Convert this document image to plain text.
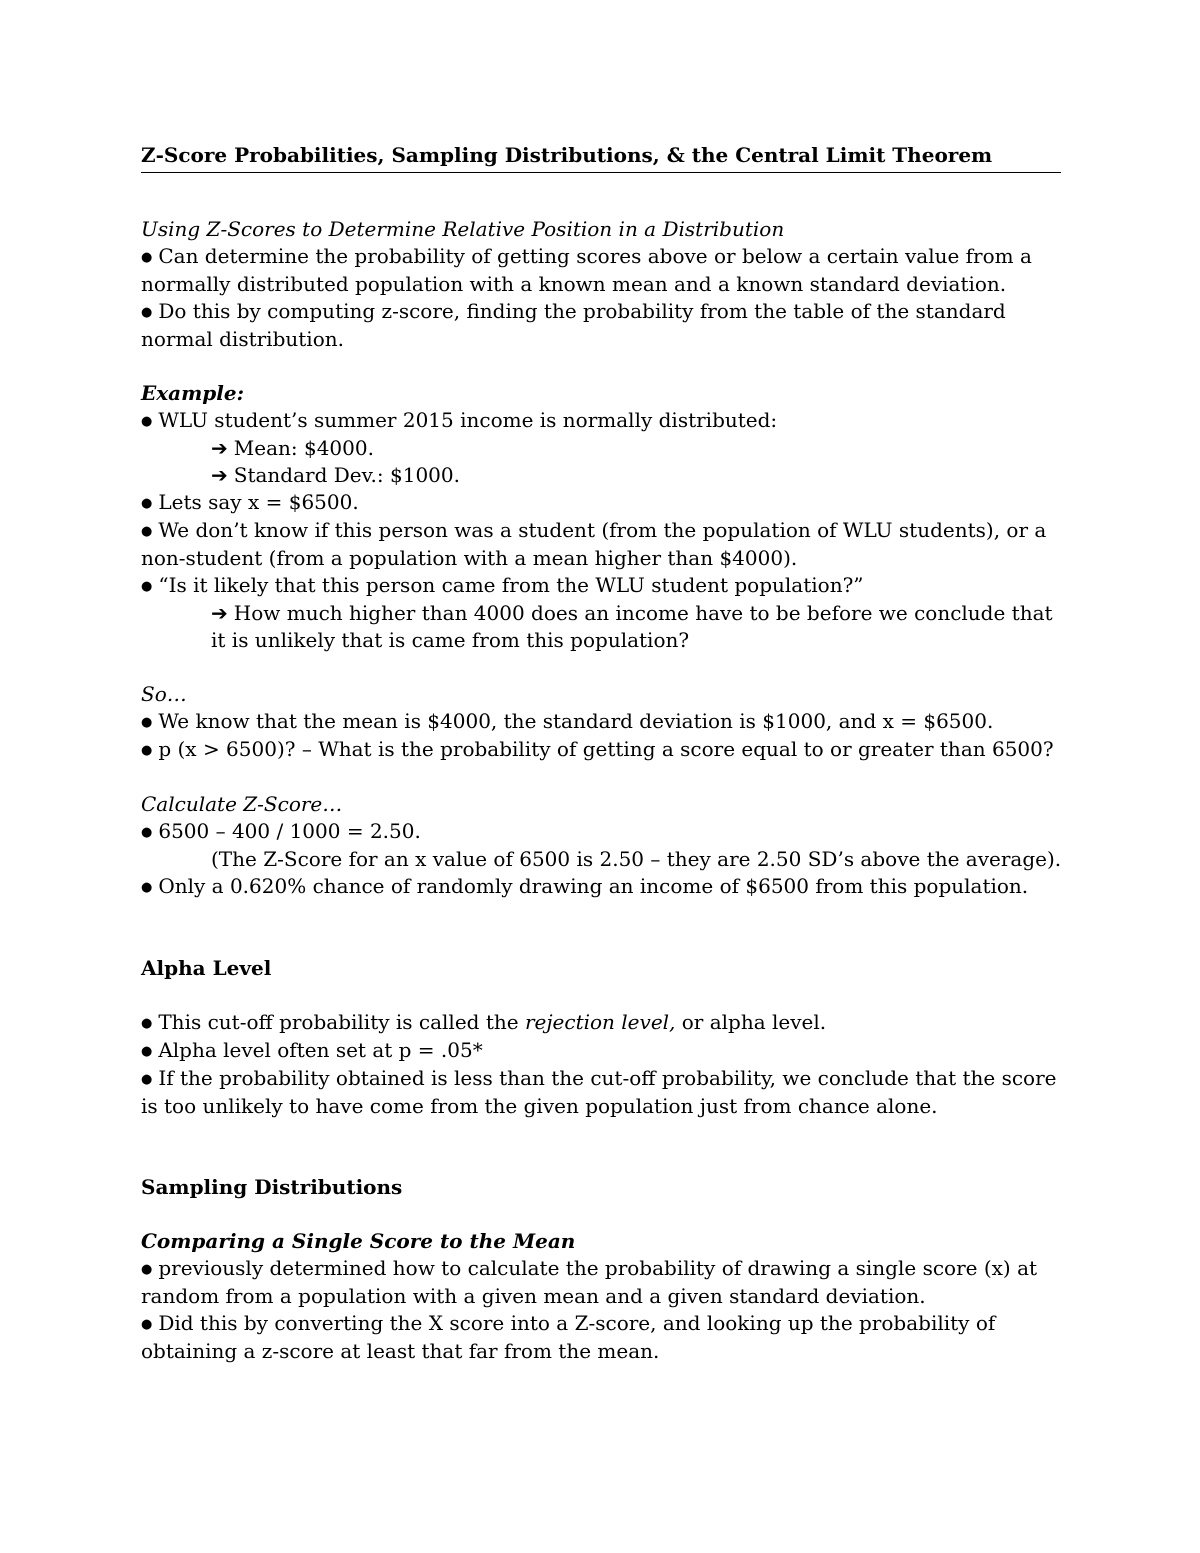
Z-Score Probabilities, Sampling Distributions, & the Central Limit Theorem

Using Z-Scores to Determine Relative Position in a Distribution

● Can determine the probability of getting scores above or below a certain value from a normally distributed population with a known mean and a known standard deviation.

● Do this by computing z-score, finding the probability from the table of the standard normal distribution.

Example:

● WLU student’s summer 2015 income is normally distributed:

➔ Mean: $4000.

➔ Standard Dev.: $1000.

● Lets say x = $6500.

● We don’t know if this person was a student (from the population of WLU students), or a non-student (from a population with a mean higher than $4000).

● “Is it likely that this person came from the WLU student population?”

➔ How much higher than 4000 does an income have to be before we conclude that it is unlikely that is came from this population?

So…

● We know that the mean is $4000, the standard deviation is $1000, and x = $6500.

● p (x > 6500)? – What is the probability of getting a score equal to or greater than 6500?

Calculate Z-Score…

● 6500 – 400 / 1000 = 2.50.

(The Z-Score for an x value of 6500 is 2.50 – they are 2.50 SD’s above the average).

● Only a 0.620% chance of randomly drawing an income of $6500 from this population.

Alpha Level

● This cut-off probability is called the rejection level, or alpha level.

● Alpha level often set at p = .05*

● If the probability obtained is less than the cut-off probability, we conclude that the score is too unlikely to have come from the given population just from chance alone.

Sampling Distributions

Comparing a Single Score to the Mean

● previously determined how to calculate the probability of drawing a single score (x) at random from a population with a given mean and a given standard deviation.

● Did this by converting the X score into a Z-score, and looking up the probability of obtaining a z-score at least that far from the mean.
